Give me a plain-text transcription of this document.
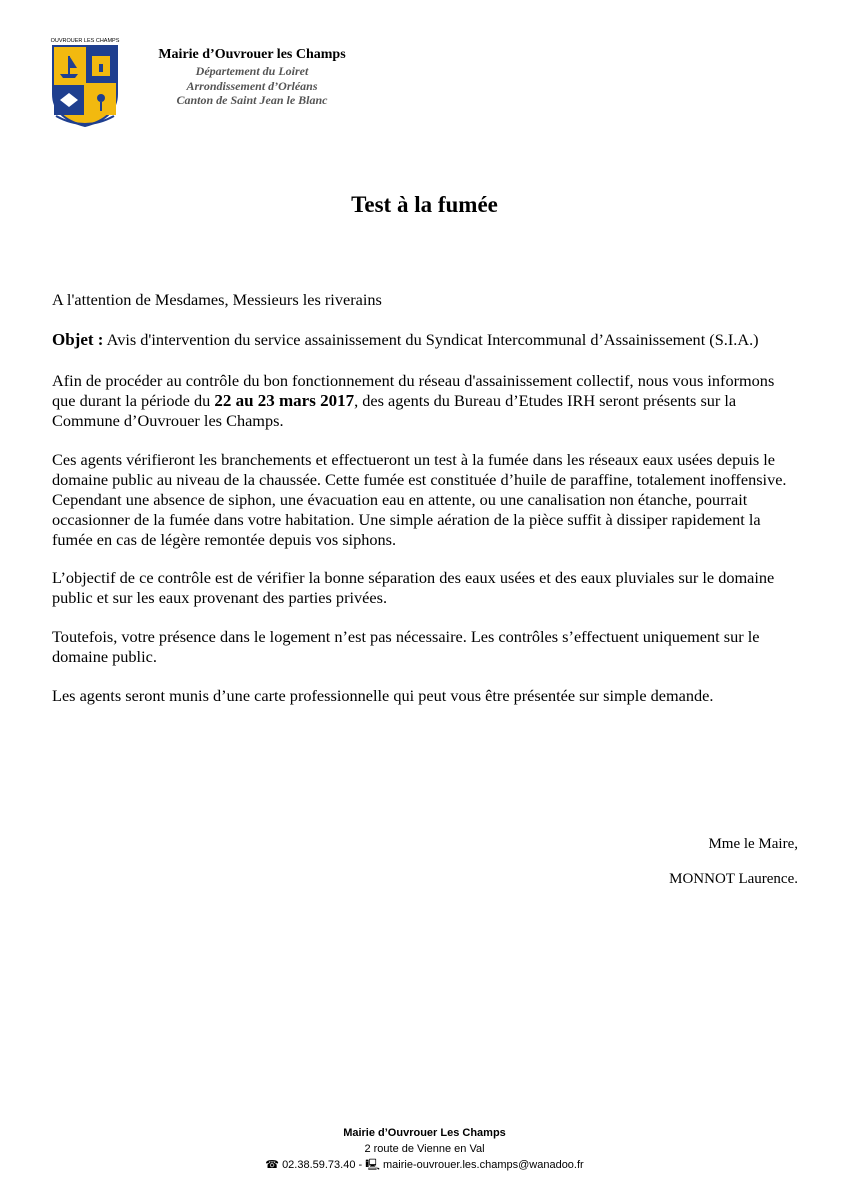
OUVROUER LES CHAMPS
Mairie d’Ouvrouer les Champs
Département du Loiret
Arrondissement d’Orléans
Canton de Saint Jean le Blanc
Test à la fumée
A l'attention de Mesdames, Messieurs les riverains
Objet : Avis d'intervention du service assainissement du Syndicat Intercommunal d’Assainissement (S.I.A.)

Afin de procéder au contrôle du bon fonctionnement du réseau d'assainissement collectif, nous vous informons que durant la période du 22 au 23 mars 2017, des agents du Bureau d’Etudes IRH seront présents sur la Commune d’Ouvrouer les Champs.

Ces agents vérifieront les branchements et effectueront un test à la fumée dans les réseaux eaux usées depuis le domaine public au niveau de la chaussée. Cette fumée est constituée d’huile de paraffine, totalement inoffensive. Cependant une absence de siphon, une évacuation eau en attente, ou une canalisation non étanche, pourrait occasionner de la fumée dans votre habitation. Une simple aération de la pièce suffit à dissiper rapidement la fumée en cas de légère remontée depuis vos siphons.

L’objectif de ce contrôle est de vérifier la bonne séparation des eaux usées et des eaux pluviales sur le domaine public et sur les eaux provenant des parties privées.

Toutefois, votre présence dans le logement n’est pas nécessaire. Les contrôles s’effectuent uniquement sur le domaine public.

Les agents seront munis d’une carte professionnelle qui peut vous être présentée sur simple demande.

Mme le Maire,
MONNOT Laurence.
Mairie d’Ouvrouer Les Champs
2 route de Vienne en Val
☎ 02.38.59.73.40 - 🖳 mairie-ouvrouer.les.champs@wanadoo.fr
